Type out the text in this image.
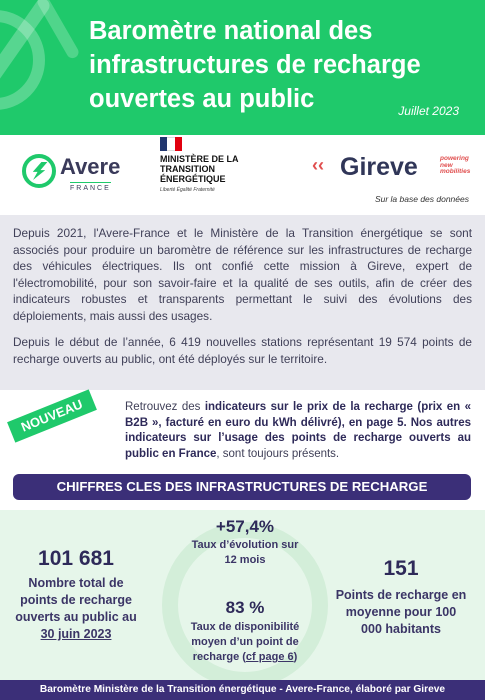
Baromètre national des infrastructures de recharge ouvertes au public	Juillet 2023
Avere
FRANCE
MINISTÈRE DE LA TRANSITION ÉNERGÉTIQUE
Liberté Égalité Fraternité
‹‹ Gireve	powering new mobilities
Sur la base des données

Depuis 2021, l'Avere-France et le Ministère de la Transition énergétique se sont associés pour produire un baromètre de référence sur les infrastructures de recharge des véhicules électriques. Ils ont confié cette mission à Gireve, expert de l'électromobilité, pour son savoir-faire et la qualité de ses outils, afin de créer des indicateurs robustes et transparents permettant le suivi des évolutions des déploiements, mais aussi des usages.

Depuis le début de l’année, 6 419 nouvelles stations représentant 19 574 points de recharge ouverts au public, ont été déployés sur le territoire.

NOUVEAU	Retrouvez des indicateurs sur le prix de la recharge (prix en « B2B », facturé en euro du kWh délivré), en page 5. Nos autres indicateurs sur l’usage des points de recharge ouverts au public en France, sont toujours présents.
CHIFFRES CLES DES INFRASTRUCTURES DE RECHARGE
101 681
Nombre total de points de recharge ouverts au public au
30 juin 2023
+57,4%
Taux d’évolution sur 12 mois
83 %
Taux de disponibilité moyen d’un point de recharge (cf page 6)
151
Points de recharge en moyenne pour 100 000 habitants
Baromètre Ministère de la Transition énergétique - Avere-France, élaboré par Gireve
